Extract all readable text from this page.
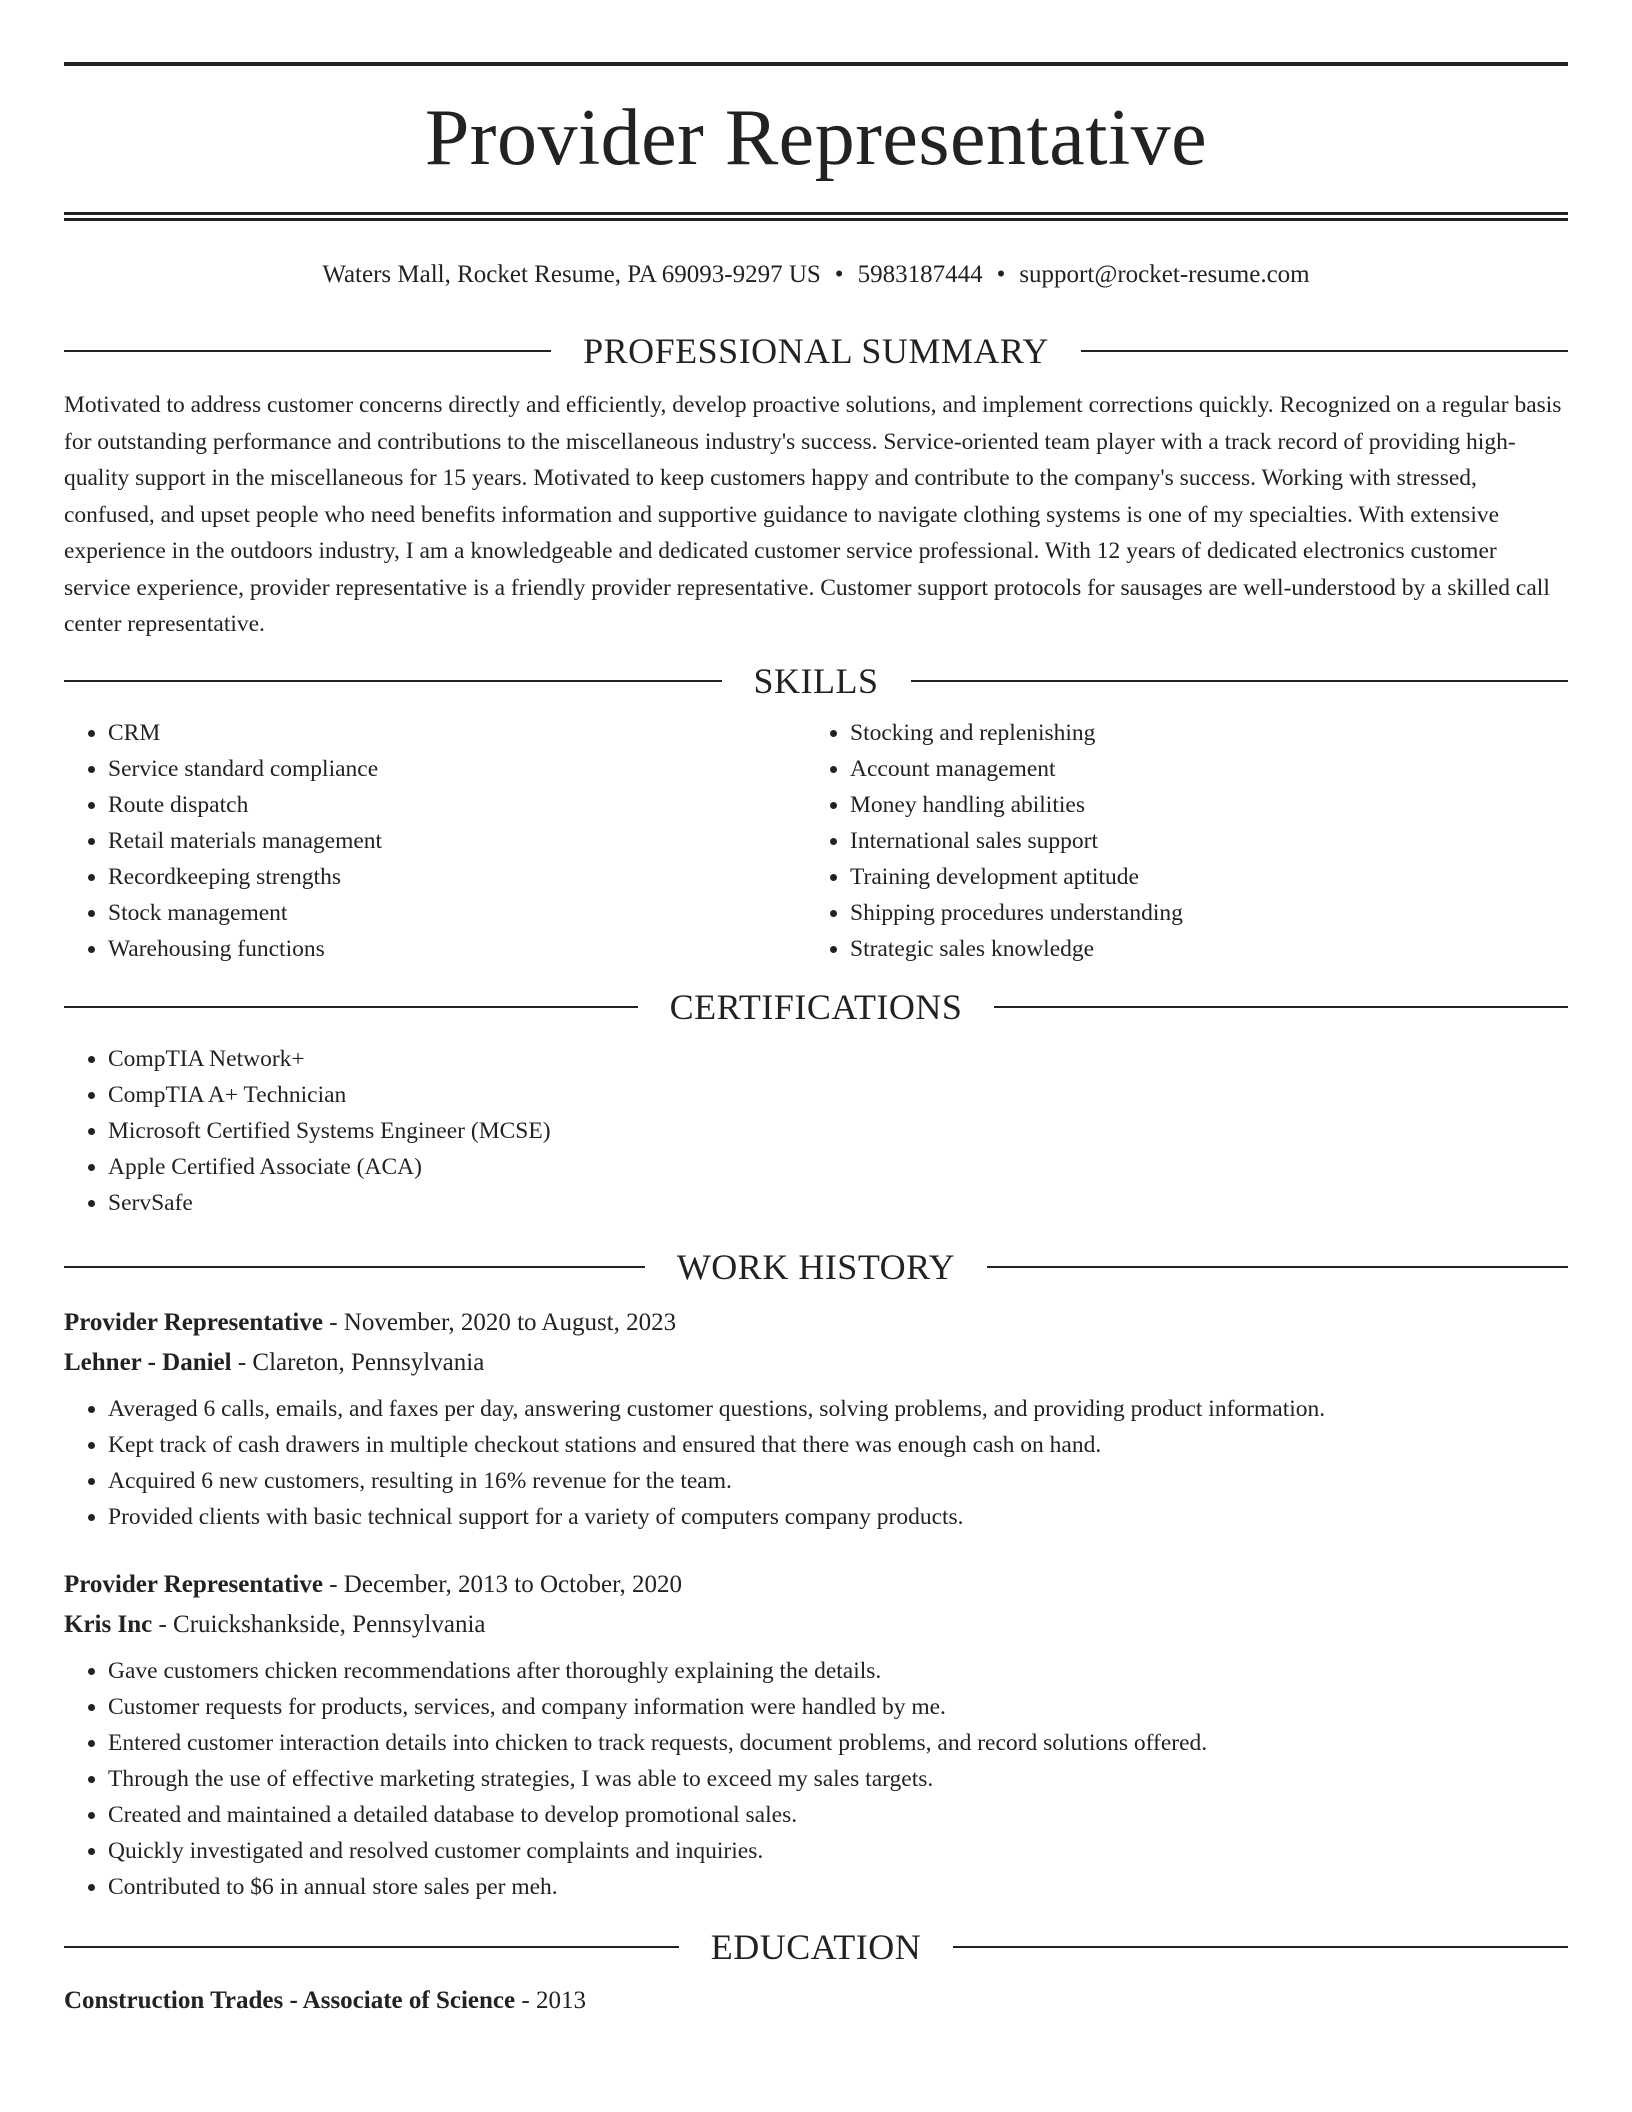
Provider Representative
Waters Mall, Rocket Resume, PA 69093-9297 US • 5983187444 • support@rocket-resume.com
PROFESSIONAL SUMMARY

Motivated to address customer concerns directly and efficiently, develop proactive solutions, and implement corrections quickly. Recognized on a regular basis for outstanding performance and contributions to the miscellaneous industry's success. Service-oriented team player with a track record of providing high-quality support in the miscellaneous for 15 years. Motivated to keep customers happy and contribute to the company's success. Working with stressed, confused, and upset people who need benefits information and supportive guidance to navigate clothing systems is one of my specialties. With extensive experience in the outdoors industry, I am a knowledgeable and dedicated customer service professional. With 12 years of dedicated electronics customer service experience, provider representative is a friendly provider representative. Customer support protocols for sausages are well-understood by a skilled call center representative.

SKILLS
• CRM
• Service standard compliance
• Route dispatch
• Retail materials management
• Recordkeeping strengths
• Stock management
• Warehousing functions
• Stocking and replenishing
• Account management
• Money handling abilities
• International sales support
• Training development aptitude
• Shipping procedures understanding
• Strategic sales knowledge
CERTIFICATIONS
• CompTIA Network+
• CompTIA A+ Technician
• Microsoft Certified Systems Engineer (MCSE)
• Apple Certified Associate (ACA)
• ServSafe
WORK HISTORY
Provider Representative - November, 2020 to August, 2023
Lehner - Daniel - Clareton, Pennsylvania
• Averaged 6 calls, emails, and faxes per day, answering customer questions, solving problems, and providing product information.
• Kept track of cash drawers in multiple checkout stations and ensured that there was enough cash on hand.
• Acquired 6 new customers, resulting in 16% revenue for the team.
• Provided clients with basic technical support for a variety of computers company products.
Provider Representative - December, 2013 to October, 2020
Kris Inc - Cruickshankside, Pennsylvania
• Gave customers chicken recommendations after thoroughly explaining the details.
• Customer requests for products, services, and company information were handled by me.
• Entered customer interaction details into chicken to track requests, document problems, and record solutions offered.
• Through the use of effective marketing strategies, I was able to exceed my sales targets.
• Created and maintained a detailed database to develop promotional sales.
• Quickly investigated and resolved customer complaints and inquiries.
• Contributed to $6 in annual store sales per meh.
EDUCATION
Construction Trades - Associate of Science - 2013
